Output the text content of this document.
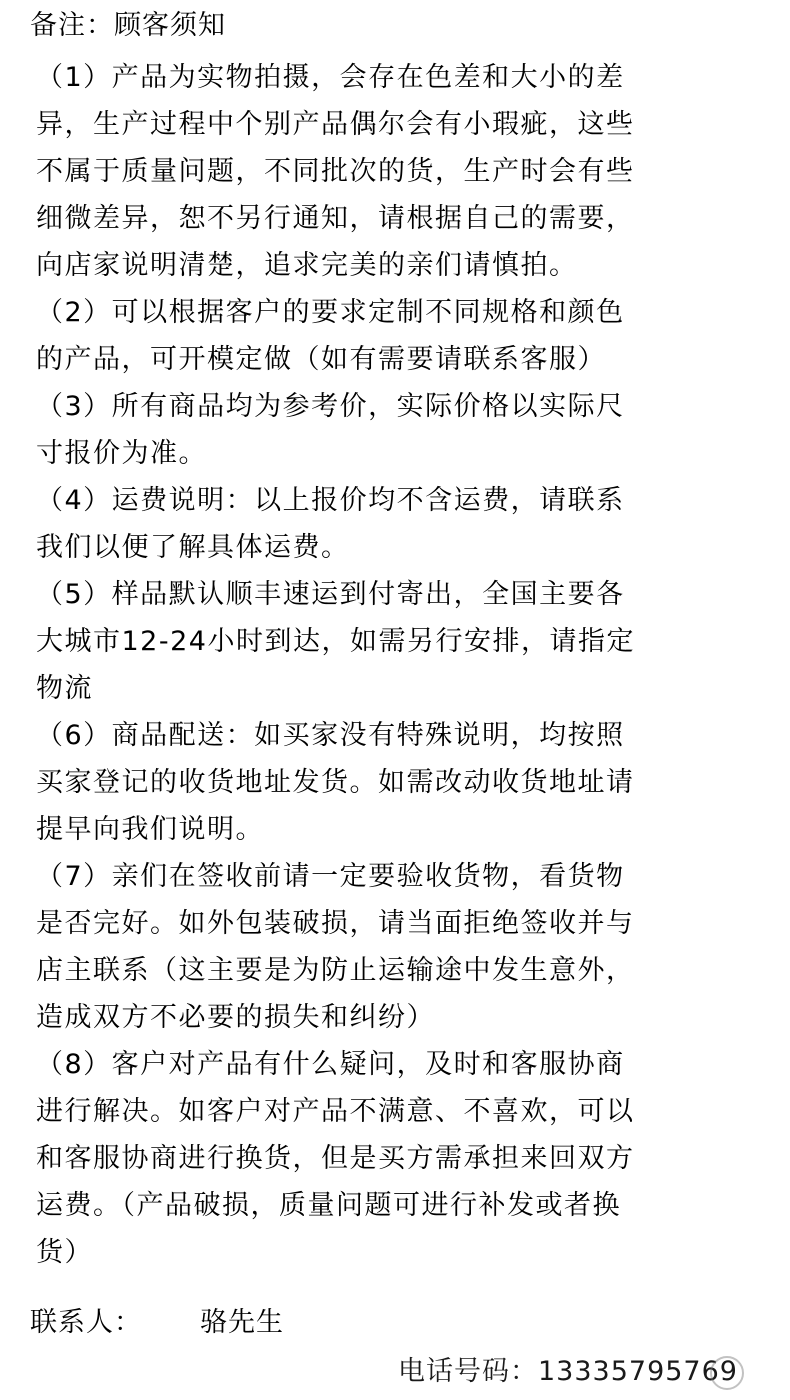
备注：顾客须知

（1）产品为实物拍摄，会存在色差和大小的差

异，生产过程中个别产品偶尔会有小瑕疵，这些

不属于质量问题，不同批次的货，生产时会有些

细微差异，恕不另行通知，请根据自己的需要，

向店家说明清楚，追求完美的亲们请慎拍。

（2）可以根据客户的要求定制不同规格和颜色

的产品，可开模定做（如有需要请联系客服）

（3）所有商品均为参考价，实际价格以实际尺

寸报价为准。

（4）运费说明：以上报价均不含运费，请联系

我们以便了解具体运费。

（5）样品默认顺丰速运到付寄出，全国主要各

大城市12-24小时到达，如需另行安排，请指定

物流

（6）商品配送：如买家没有特殊说明，均按照

买家登记的收货地址发货。如需改动收货地址请

提早向我们说明。

（7）亲们在签收前请一定要验收货物，看货物

是否完好。如外包装破损，请当面拒绝签收并与

店主联系（这主要是为防止运输途中发生意外，

造成双方不必要的损失和纠纷）

（8）客户对产品有什么疑问，及时和客服协商

进行解决。如客户对产品不满意、不喜欢，可以

和客服协商进行换货，但是买方需承担来回双方

运费。（产品破损，质量问题可进行补发或者换

货）

联系人： 骆先生
电话号码：13335795769
